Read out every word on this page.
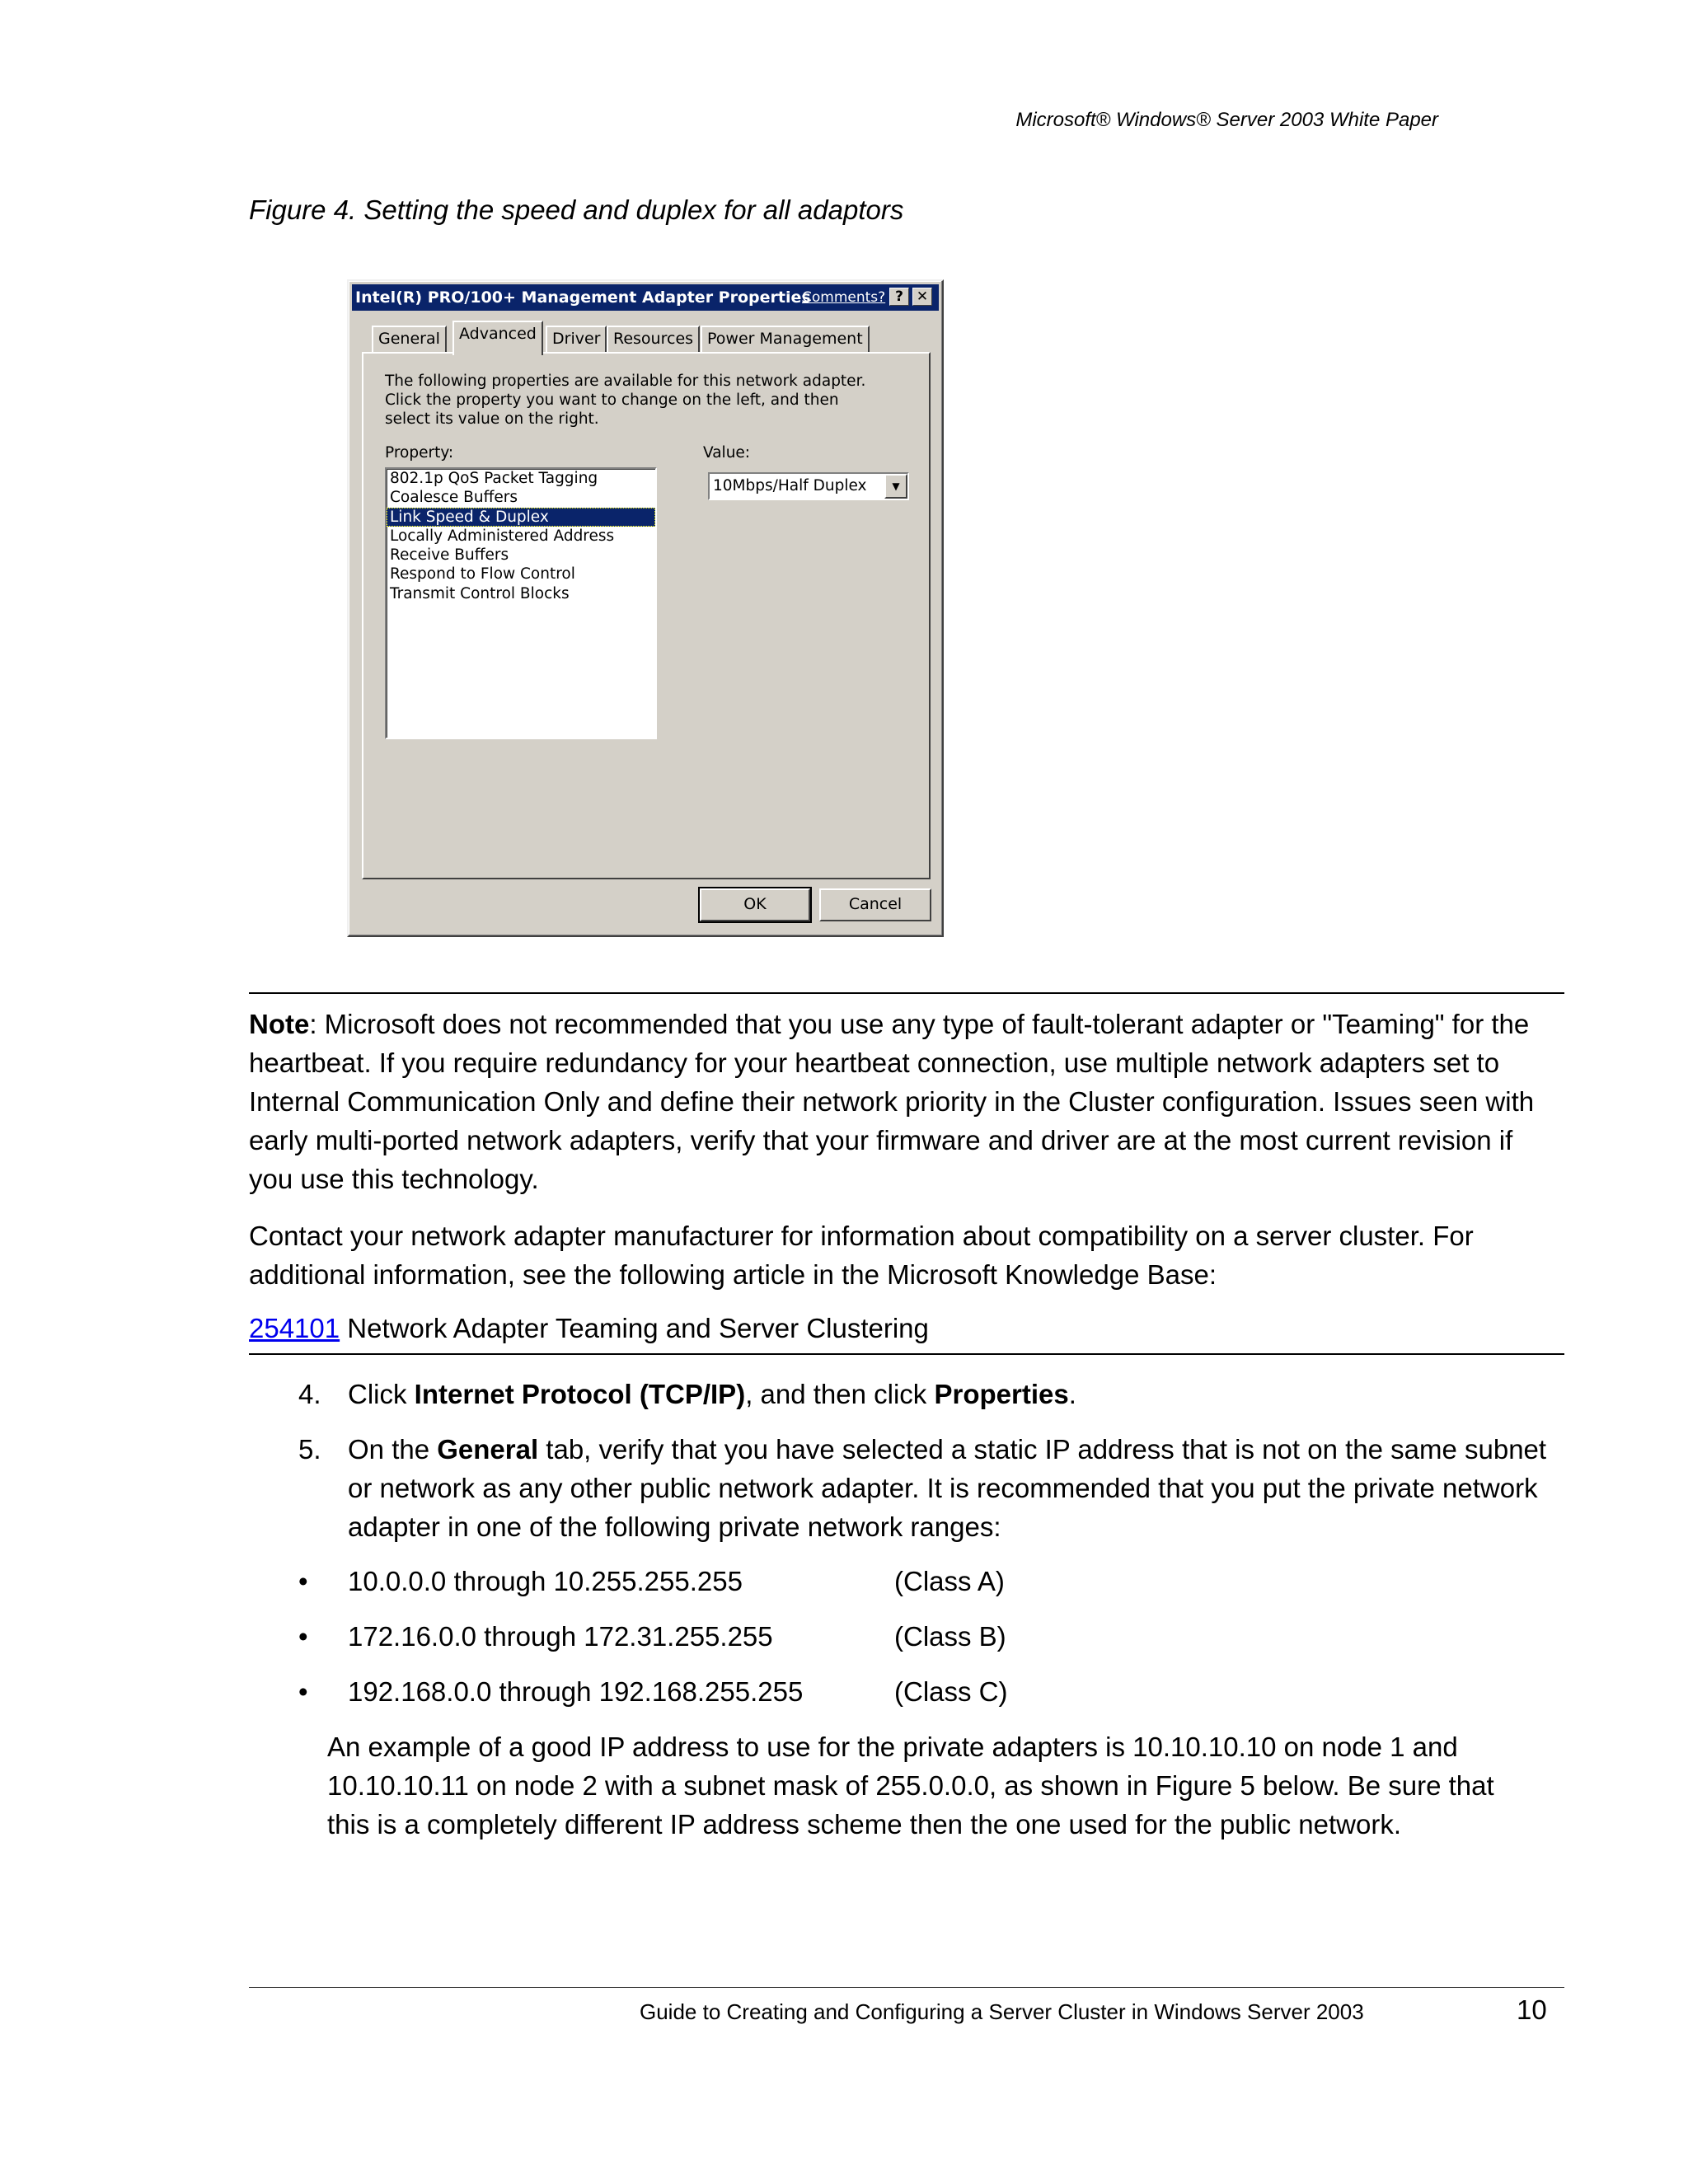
Microsoft® Windows® Server 2003 White Paper
Figure 4. Setting the speed and duplex for all adaptors
Intel(R) PRO/100+ Management Adapter Properties
Comments? ? ✕
General	Advanced	Driver Resources Power Management
The following properties are available for this network adapter. Click the property you want to change on the left, and then select its value on the right.
Property:	Value:
802.1p QoS Packet Tagging
Coalesce Buffers
Link Speed & Duplex
Locally Administered Address
Receive Buffers
Respond to Flow Control
Transmit Control Blocks
10Mbps/Half Duplex	▼
OK	Cancel
Note: Microsoft does not recommended that you use any type of fault-tolerant adapter or "Teaming" for the heartbeat. If you require redundancy for your heartbeat connection, use multiple network adapters set to Internal Communication Only and define their network priority in the Cluster configuration. Issues seen with early multi-ported network adapters, verify that your firmware and driver are at the most current revision if you use this technology.
Contact your network adapter manufacturer for information about compatibility on a server cluster. For additional information, see the following article in the Microsoft Knowledge Base:
254101 Network Adapter Teaming and Server Clustering
4. Click Internet Protocol (TCP/IP), and then click Properties.
5. On the General tab, verify that you have selected a static IP address that is not on the same subnet or network as any other public network adapter. It is recommended that you put the private network adapter in one of the following private network ranges:
• 10.0.0.0 through 10.255.255.255	(Class A)
• 172.16.0.0 through 172.31.255.255	(Class B)
• 192.168.0.0 through 192.168.255.255	(Class C)
An example of a good IP address to use for the private adapters is 10.10.10.10 on node 1 and 10.10.10.11 on node 2 with a subnet mask of 255.0.0.0, as shown in Figure 5 below. Be sure that this is a completely different IP address scheme then the one used for the public network.
Guide to Creating and Configuring a Server Cluster in Windows Server 2003	10
